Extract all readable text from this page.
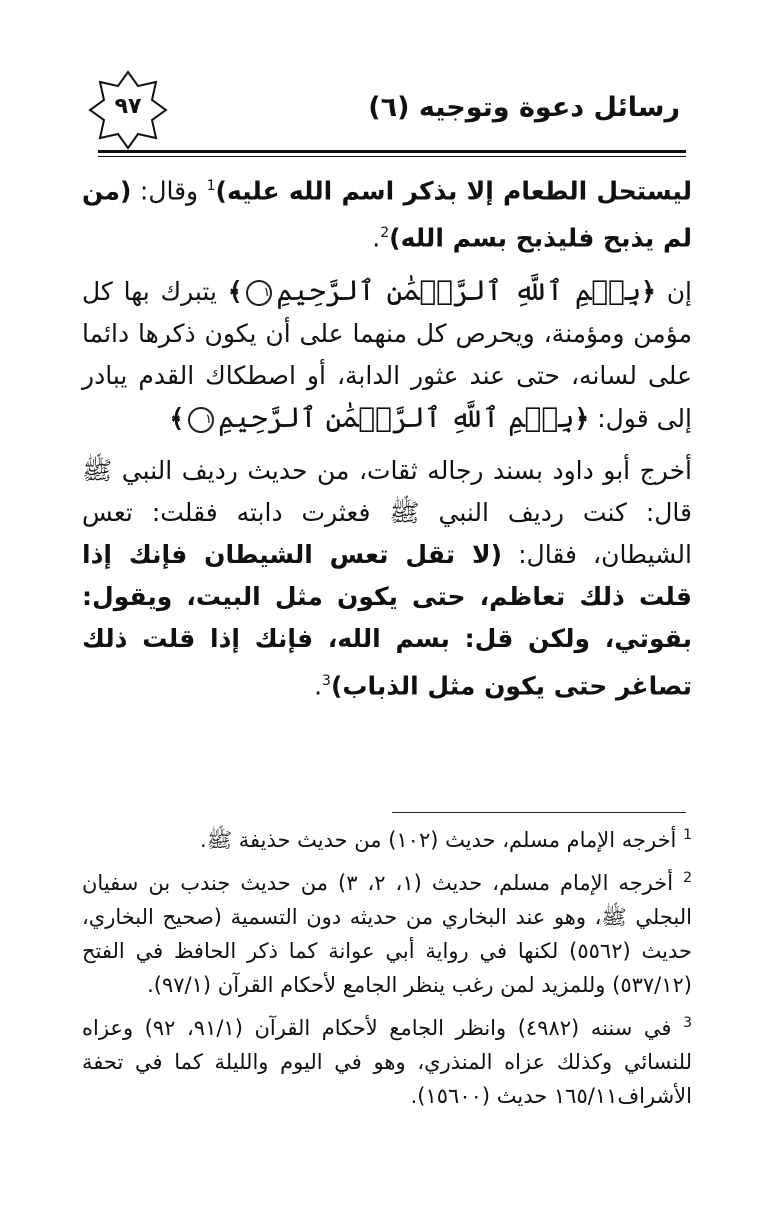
رسائل دعوة وتوجيه (٦)
٩٧

ليستحل الطعام إلا بذكر اسم الله عليه)$^1$ وقال: (من لم يذبح فليذبح بسم الله)$^2$.

إن ﴿بِسۡمِ ٱللَّهِ ٱلرَّحۡمَٰنِ ٱلرَّحِيمِ١﴾ يتبرك بها كل مؤمن ومؤمنة، ويحرص كل منهما على أن يكون ذكرها دائما على لسانه، حتى عند عثور الدابة، أو اصطكاك القدم يبادر إلى قول: ﴿بِسۡمِ ٱللَّهِ ٱلرَّحۡمَٰنِ ٱلرَّحِيمِ١﴾

أخرج أبو داود بسند رجاله ثقات، من حديث رديف النبي ﷺ قال: كنت رديف النبي ﷺ فعثرت دابته فقلت: تعس الشيطان، فقال: (لا تقل تعس الشيطان فإنك إذا قلت ذلك تعاظم، حتى يكون مثل البيت، ويقول: بقوتي، ولكن قل: بسم الله، فإنك إذا قلت ذلك تصاغر حتى يكون مثل الذباب)$^3$.

$^1$ أخرجه الإمام مسلم، حديث (١٠٢) من حديث حذيفة ﷺ.

$^2$ أخرجه الإمام مسلم، حديث (١، ٢، ٣) من حديث جندب بن سفيان البجلي ﷺ، وهو عند البخاري من حديثه دون التسمية (صحيح البخاري، حديث (٥٥٦٢) لكنها في رواية أبي عوانة كما ذكر الحافظ في الفتح (٥٣٧/١٢) وللمزيد لمن رغب ينظر الجامع لأحكام القرآن (٩٧/١).

$^3$ في سننه (٤٩٨٢) وانظر الجامع لأحكام القرآن (٩١/١، ٩٢) وعزاه للنسائي وكذلك عزاه المنذري، وهو في اليوم والليلة كما في تحفة الأشراف١٦٥/١١ حديث (١٥٦٠٠).
